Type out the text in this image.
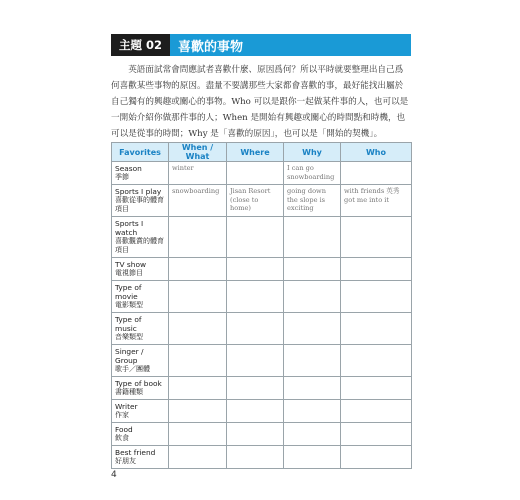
主題 02	喜歡的事物

英語面試常會問應試者喜歡什麼、原因爲何？所以平時就要整理出自己爲何喜歡某些事物的原因。盡量不要講那些大家都會喜歡的事，最好能找出屬於自己獨有的興趣或關心的事物。Who 可以是跟你一起做某件事的人，也可以是一開始介紹你做那件事的人；When 是開始有興趣或關心的時間點和時機，也可以是從事的時間；Why 是「喜歡的原因」，也可以是「開始的契機」。

Favorites	When / What	Where	Why	Who

Season
季節	winter		I can go snowboarding	

Sports I play
喜歡從事的體育項目	snowboarding	Jisan Resort (close to home)	going down the slope is exciting	with friends 英秀 got me into it

Sports I watch
喜歡觀賞的體育項目				

TV show
電視節目				

Type of movie
電影類型				

Type of music
音樂類型				

Singer / Group
歌手／團體				

Type of book
書籍種類				

Writer
作家				

Food
飲食				

Best friend
好朋友				

4
